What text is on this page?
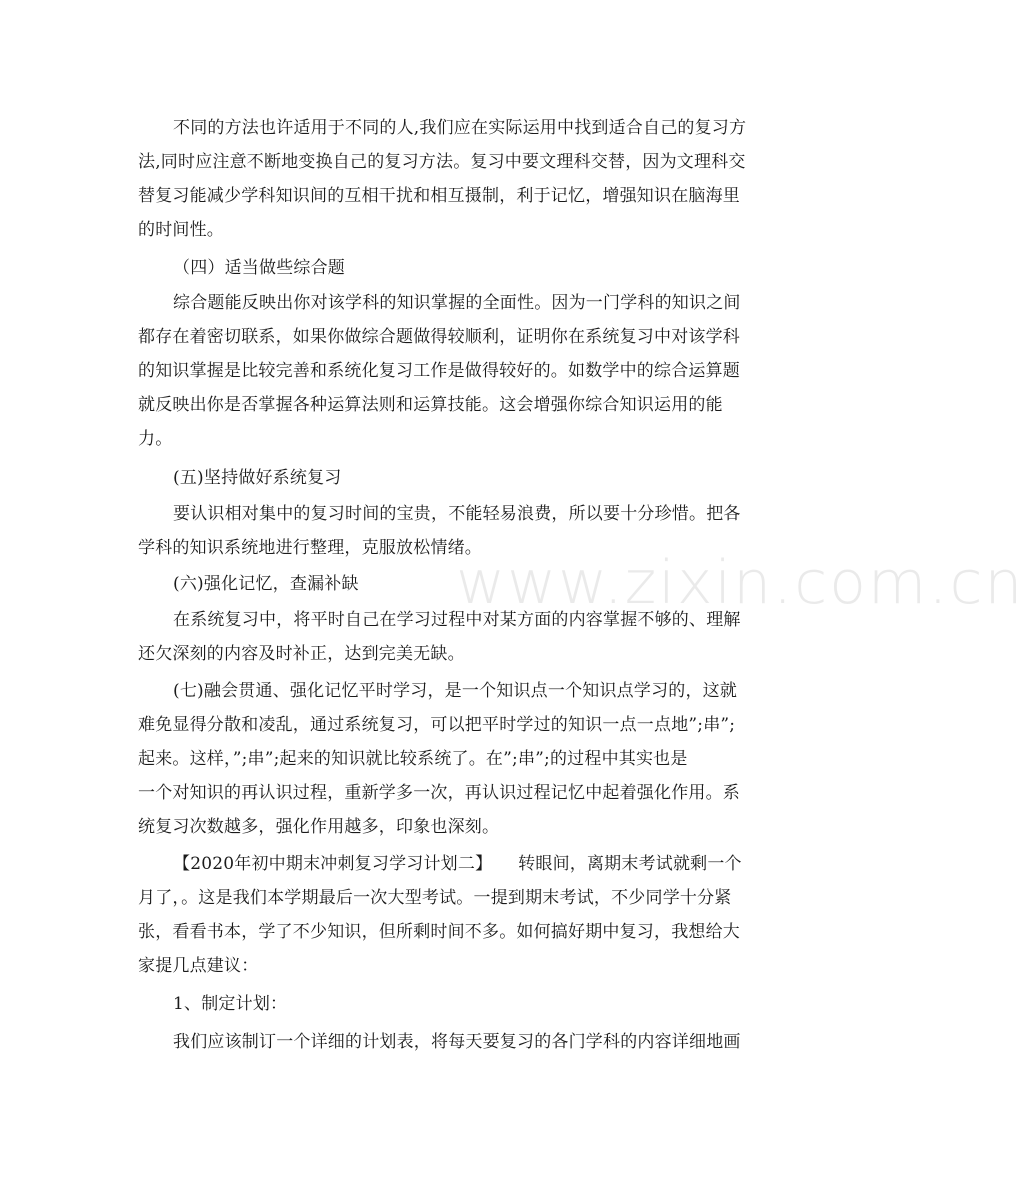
www.zixin.com.cn
不同的方法也许适用于不同的人,我们应在实际运用中找到适合自己的复习方
法,同时应注意不断地变换自己的复习方法。复习中要文理科交替，因为文理科交
替复习能减少学科知识间的互相干扰和相互摄制，利于记忆，增强知识在脑海里
的时间性。
（四）适当做些综合题
综合题能反映出你对该学科的知识掌握的全面性。因为一门学科的知识之间
都存在着密切联系，如果你做综合题做得较顺利，证明你在系统复习中对该学科
的知识掌握是比较完善和系统化复习工作是做得较好的。如数学中的综合运算题
就反映出你是否掌握各种运算法则和运算技能。这会增强你综合知识运用的能
力。
(五)坚持做好系统复习
要认识相对集中的复习时间的宝贵，不能轻易浪费，所以要十分珍惜。把各
学科的知识系统地进行整理，克服放松情绪。
(六)强化记忆，查漏补缺
在系统复习中，将平时自己在学习过程中对某方面的内容掌握不够的、理解
还欠深刻的内容及时补正，达到完美无缺。
(七)融会贯通、强化记忆平时学习，是一个知识点一个知识点学习的，这就
难免显得分散和凌乱，通过系统复习，可以把平时学过的知识一点一点地”;串”;
起来。这样，”;串”;起来的知识就比较系统了。在”;串”;的过程中其实也是
一个对知识的再认识过程，重新学多一次，再认识过程记忆中起着强化作用。系
统复习次数越多，强化作用越多，印象也深刻。
【2020年初中期末冲刺复习学习计划二】　　转眼间，离期末考试就剩一个
月了，。这是我们本学期最后一次大型考试。一提到期末考试，不少同学十分紧
张，看看书本，学了不少知识，但所剩时间不多。如何搞好期中复习，我想给大
家提几点建议：
1、制定计划：
我们应该制订一个详细的计划表，将每天要复习的各门学科的内容详细地画
